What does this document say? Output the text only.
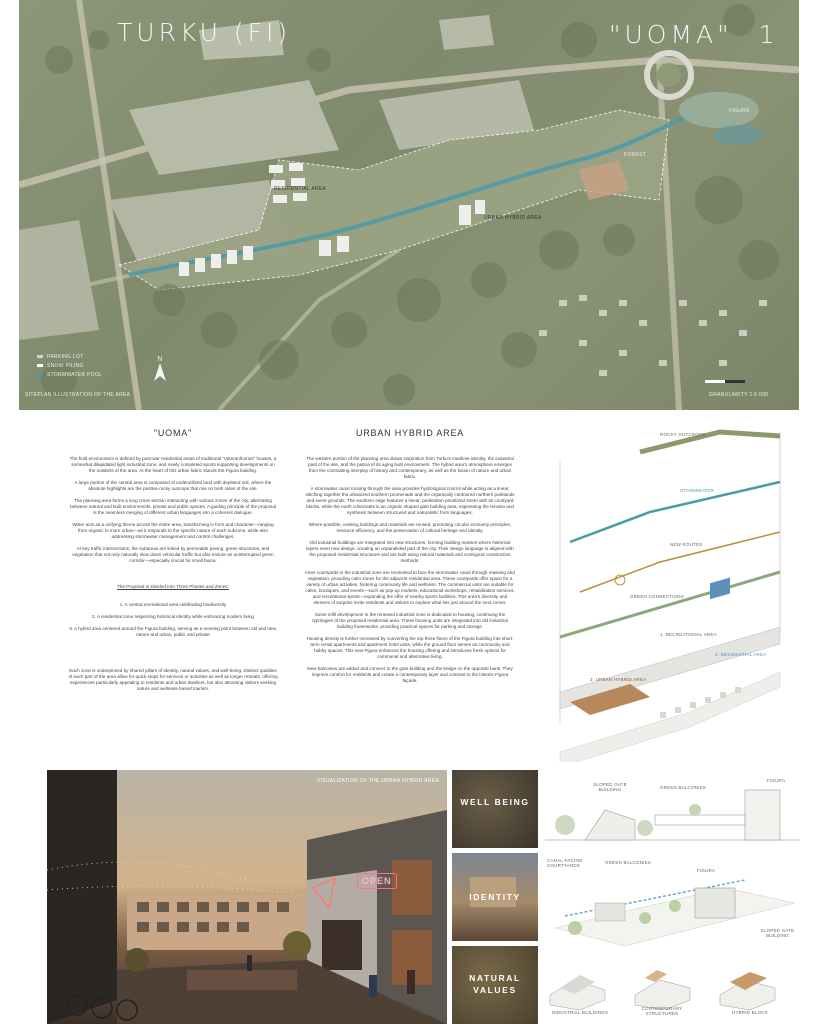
TURKU (FI)	"UOMA" 1
RESIDENTIAL AREA
URBAN HYBRID AREA
FIGURA
FOREST
PARKING LOT
SNOW PILING
STORMWATER POOL
N
SITEPLAN ILLUSTRATION OF THE AREA	GRANULARITY 1:6 000
"UOMA"

The built environment is defined by post-war residential areas of traditional "Veteranhomes" houses, a somewhat dilapidated light industrial zone, and newly completed sports supporting developments on the outskirts of the area. At the heart of this urban fabric stands the Figura building.

A large portion of the central area is composed of underutilized land with depleted soil, where the absolute highlights are the pristine rocky outcrops that rise on both sides of the site.

The planning area forms a long cross section interacting with various zones of the city, alternating between natural and built environments, private and public spaces. A guiding principle of the proposal is the seamless merging of different urban languages into a coherent dialogue.

Water acts as a unifying theme across the entire area, transforming in form and character—ranging from organic to more urban—as it responds to the specific nature of each subzone, while also addressing stormwater management and control challenges.

At key traffic intersections, the subareas are linked by permeable paving, green structures, and vegetation that not only naturally slow down vehicular traffic but also ensure an uninterrupted green corridor—especially crucial for small fauna.

The Proposal Is Divided Into Three Phases and Zones:

1. A central recreational area celebrating biodiversity

2. A residential zone respecting historical identity while embracing modern living

3. A hybrid area centered around the Figura building, serving as a meeting point between old and new, nature and urban, public and private

Each zone is underpinned by shared pillars of identity, natural values, and well-being. Distinct qualities of each part of the area allow for quick stops for services or activities as well as longer retreats, offering experiences particularly appealing to residents and urban dwellers, but also attracting visitors seeking nature and wellness-based tourism.

URBAN HYBRID AREA

The western portion of the planning area draws inspiration from Turku's maritime identity, the industrial past of the site, and the patina of its aging built environment. The hybrid area's atmosphere emerges from the contrasting interplay of history and contemporary, as well as the fusion of nature and urban fabric.

A stormwater canal running through the area provides hydrological control while acting as a linear, stitching together the urbanized southern promenade and the organically contoured northern parklands and event grounds. The southern edge features a linear, pedestrian-prioritized street with its courtyard blocks, while the north culminates in an organic shaped gate building area, expressing the tension and synthesis between structured and naturalistic form languages.

Where possible, existing buildings and materials are reused, promoting circular economy principles, resource efficiency, and the preservation of cultural heritage and identity.

Old industrial buildings are integrated into new structures, forming building masses where historical layers meet new design, creating an unparalleled part of the city. Their design language is aligned with the proposed residential structures and are built using natural materials and ecological construction methods.

Inner courtyards in the industrial zone are reoriented to face the stormwater canal through massing and vegetation, providing calm zones for the adjacent residential area. These courtyards offer space for a variety of urban activities, fostering community life and wellness. The commercial units are suitable for cafes, boutiques, and events—such as pop-up markets, educational workshops, rehabilitation services, and recreational sports—expanding the offer of nearby sports facilities. This area's diversity and element of surprise invite residents and visitors to explore what lies just around the next corner.

Some infill development in the renewed industrial zone is dedicated to housing, continuing the typologies of the proposed residential area. These housing units are integrated into old industrial building frameworks, providing practical spaces for parking and storage.

Housing density is further increased by converting the top three floors of the Figura building into short-term rental apartments and apartment hotel units, while the ground floor serves as community and hobby spaces. This new Figura enhances the housing offering and introduces fresh options for communal and alternative living.

New balconies are added and connect to the gate building and the bridge on the opposite bank. They improve comfort for residents and create a contemporary layer and contrast to the historic Figura façade.

ROCKY OUTCROPS
STORMWATER
NEW ROUTES
GREEN CONNECTIONS
1. RECREATIONAL AREA
2. RESIDENTIAL AREA
3. URBAN HYBRID AREA
OPEN
VISUALIZATION OF THE URBAN HYBRID AREA
WELL BEING
IDENTITY
NATURAL VALUES
SLOPED GATE BUILDING	GREEN BALCONIES
FIGURA
CANAL-FACING COURTYARDS
GREEN BALCONIES
FIGURA
SLOPED GATE BUILDING
INDUSTRIAL BUILDINGS
CONTEMPORARY STRUCTURES	HYBRID BLOCK
